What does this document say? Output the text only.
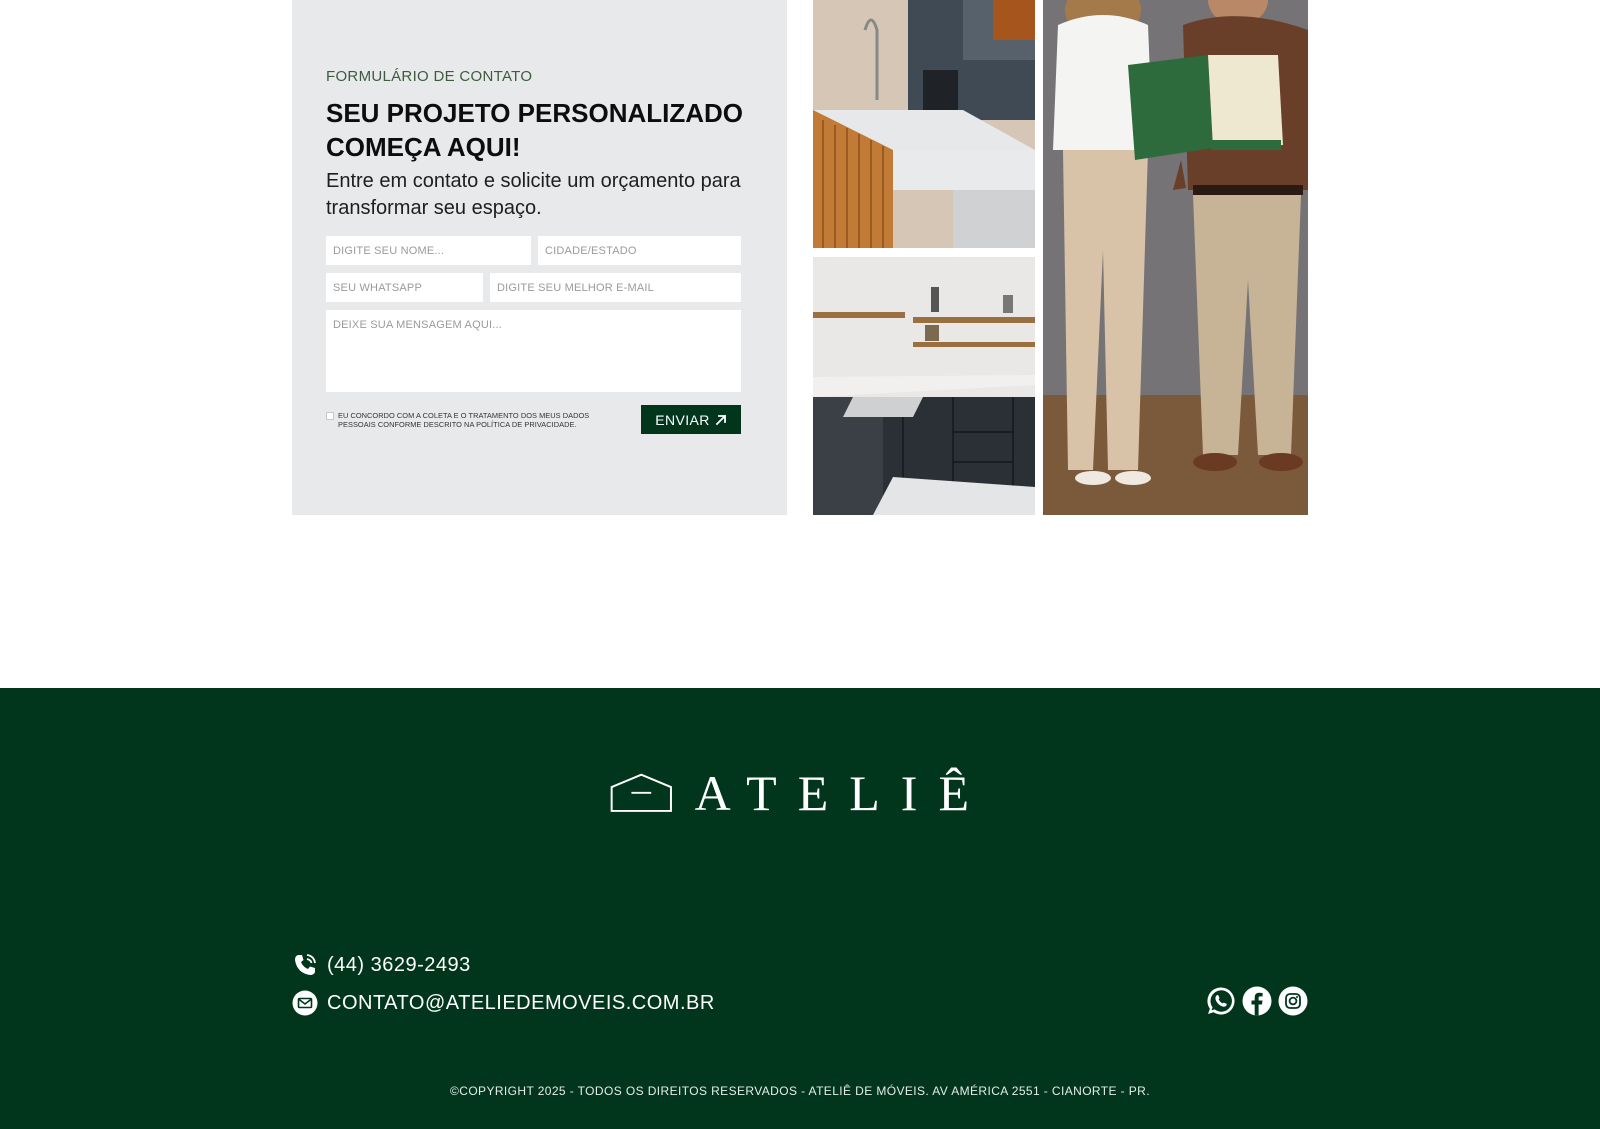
FORMULÁRIO DE CONTATO
SEU PROJETO PERSONALIZADO COMEÇA AQUI!

Entre em contato e solicite um orçamento para transformar seu espaço.

DIGITE SEU NOME...
CIDADE/ESTADO
SEU WHATSAPP
DIGITE SEU MELHOR E-MAIL
DEIXE SUA MENSAGEM AQUI...
EU CONCORDO COM A COLETA E O TRATAMENTO DOS MEUS DADOS PESSOAIS CONFORME DESCRITO NA POLÍTICA DE PRIVACIDADE.	ENVIAR
ATELIÊ
(44) 3629-2493
CONTATO@ATELIEDEMOVEIS.COM.BR
©COPYRIGHT 2025 - TODOS OS DIREITOS RESERVADOS - ATELIÊ DE MÓVEIS. AV AMÉRICA 2551 - CIANORTE - PR.
